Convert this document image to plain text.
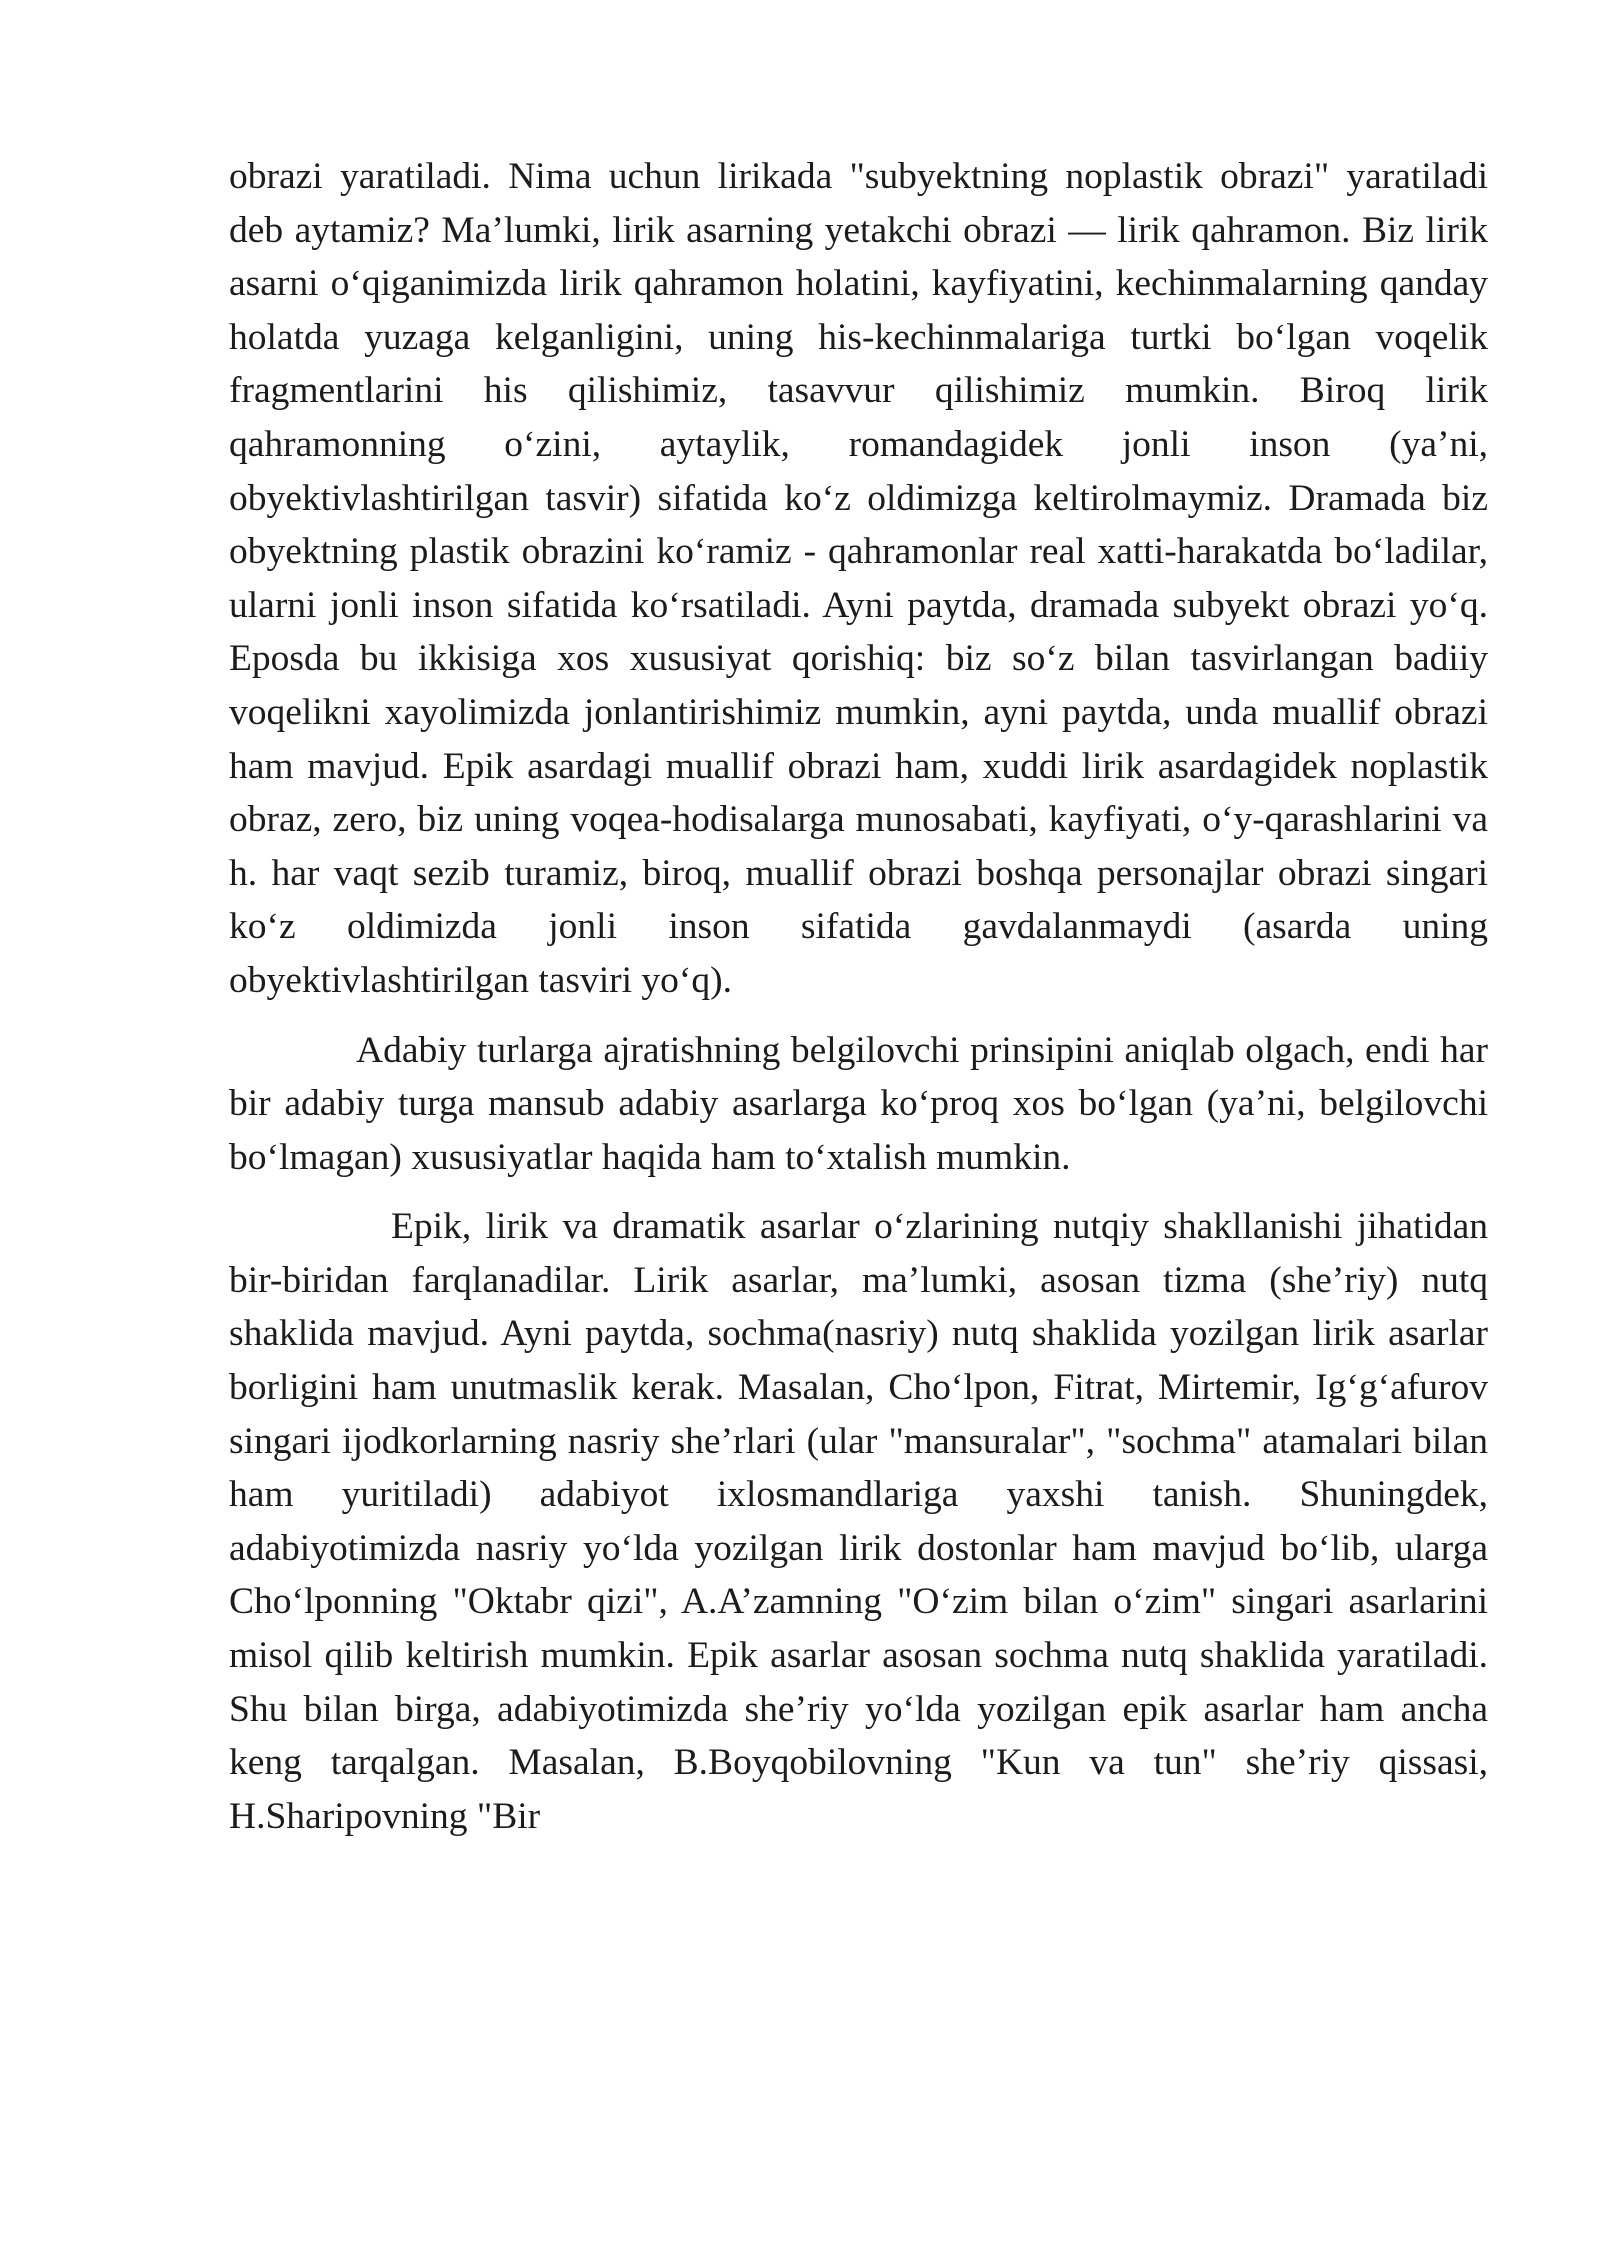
obrazi yaratiladi. Nima uchun lirikada "subyektning noplastik obrazi" yaratiladi deb aytamiz? Ma’lumki, lirik asarning yetakchi obrazi — lirik qahramon. Biz lirik asarni o‘qiganimizda lirik qahramon holatini, kayfiyatini, kechinmalarning qanday holatda yuzaga kelganligini, uning his-kechinmalariga turtki bo‘lgan voqelik fragmentlarini his qilishimiz, tasavvur qilishimiz mumkin. Biroq lirik qahramonning o‘zini, aytaylik, romandagidek jonli inson (ya’ni, obyektivlashtirilgan tasvir) sifatida ko‘z oldimizga keltirolmaymiz. Dramada biz obyektning plastik obrazini ko‘ramiz - qahramonlar real xatti-harakatda bo‘ladilar, ularni jonli inson sifatida ko‘rsatiladi. Ayni paytda, dramada subyekt obrazi yo‘q. Eposda bu ikkisiga xos xususiyat qorishiq: biz so‘z bilan tasvirlangan badiiy voqelikni xayolimizda jonlantirishimiz mumkin, ayni paytda, unda muallif obrazi ham mavjud. Epik asardagi muallif obrazi ham, xuddi lirik asardagidek noplastik obraz, zero, biz uning voqea-hodisalarga munosabati, kayfiyati, o‘y-qarashlarini va h. har vaqt sezib turamiz, biroq, muallif obrazi boshqa personajlar obrazi singari ko‘z oldimizda jonli inson sifatida gavdalanmaydi (asarda uning obyektivlashtirilgan tasviri yo‘q).

Adabiy turlarga ajratishning belgilovchi prinsipini aniqlab olgach, endi har bir adabiy turga mansub adabiy asarlarga ko‘proq xos bo‘lgan (ya’ni, belgilovchi bo‘lmagan) xususiyatlar haqida ham to‘xtalish mumkin.

Epik, lirik va dramatik asarlar o‘zlarining nutqiy shakllanishi jihatidan bir-biridan farqlanadilar. Lirik asarlar, ma’lumki, asosan tizma (she’riy) nutq shaklida mavjud. Ayni paytda, sochma(nasriy) nutq shaklida yozilgan lirik asarlar borligini ham unutmaslik kerak. Masalan, Cho‘lpon, Fitrat, Mirtemir, Ig‘g‘afurov singari ijodkorlarning nasriy she’rlari (ular "mansuralar", "sochma" atamalari bilan ham yuritiladi) adabiyot ixlosmandlariga yaxshi tanish. Shuningdek, adabiyotimizda nasriy yo‘lda yozilgan lirik dostonlar ham mavjud bo‘lib, ularga Cho‘lponning "Oktabr qizi", A.A’zamning "O‘zim bilan o‘zim" singari asarlarini misol qilib keltirish mumkin. Epik asarlar asosan sochma nutq shaklida yaratiladi. Shu bilan birga, adabiyotimizda she’riy yo‘lda yozilgan epik asarlar ham ancha keng tarqalgan. Masalan, B.Boyqobilovning "Kun va tun" she’riy qissasi, H.Sharipovning "Bir
